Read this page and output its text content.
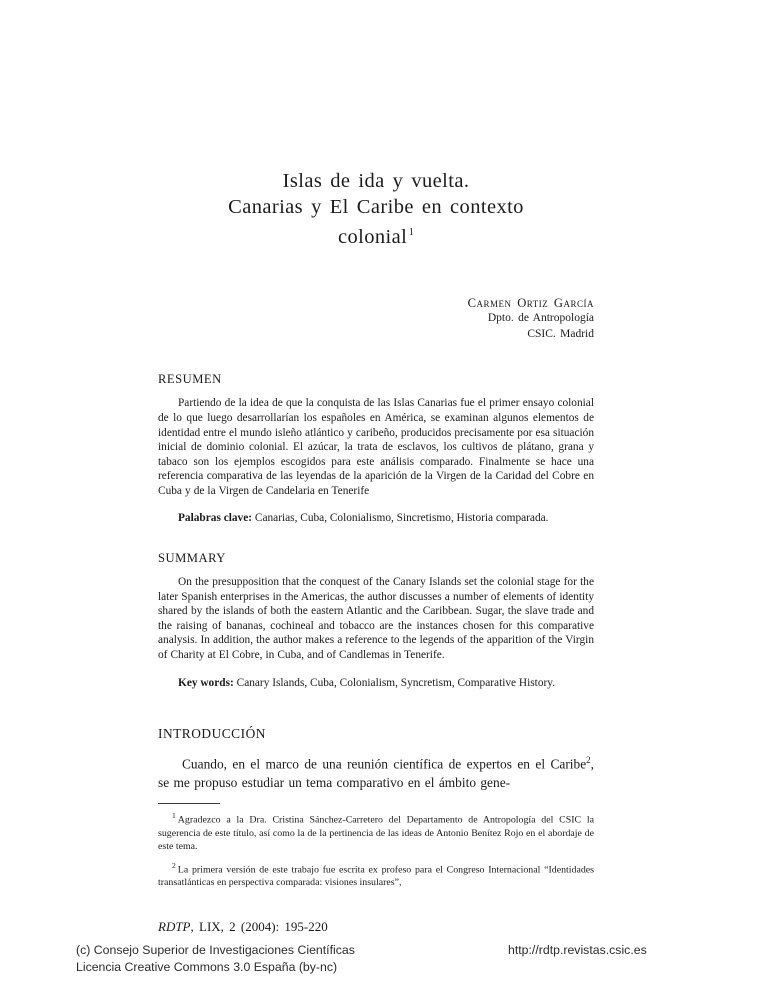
Islas de ida y vuelta.
Canarias y El Caribe en contexto
colonial $^1$
Carmen Ortiz García
Dpto. de Antropología
CSIC. Madrid
RESUMEN

Partiendo de la idea de que la conquista de las Islas Canarias fue el primer ensayo colonial de lo que luego desarrollarían los españoles en América, se examinan algunos elementos de identidad entre el mundo isleño atlántico y caribeño, producidos precisamente por esa situación inicial de dominio colonial. El azúcar, la trata de esclavos, los cultivos de plátano, grana y tabaco son los ejemplos escogidos para este análisis comparado. Finalmente se hace una referencia comparativa de las leyendas de la aparición de la Virgen de la Caridad del Cobre en Cuba y de la Virgen de Candelaria en Tenerife

Palabras clave: Canarias, Cuba, Colonialismo, Sincretismo, Historia comparada.

SUMMARY

On the presupposition that the conquest of the Canary Islands set the colonial stage for the later Spanish enterprises in the Americas, the author discusses a number of elements of identity shared by the islands of both the eastern Atlantic and the Caribbean. Sugar, the slave trade and the raising of bananas, cochineal and tobacco are the instances chosen for this comparative analysis. In addition, the author makes a reference to the legends of the apparition of the Virgin of Charity at El Cobre, in Cuba, and of Candlemas in Tenerife.

Key words: Canary Islands, Cuba, Colonialism, Syncretism, Comparative History.

INTRODUCCIÓN

Cuando, en el marco de una reunión científica de expertos en el Caribe$^2$, se me propuso estudiar un tema comparativo en el ámbito gene-

$^1$ Agradezco a la Dra. Cristina Sánchez-Carretero del Departamento de Antropología del CSIC la sugerencia de este título, así como la de la pertinencia de las ideas de Antonio Benítez Rojo en el abordaje de este tema.

$^2$ La primera versión de este trabajo fue escrita ex profeso para el Congreso Internacional “Identidades transatlánticas en perspectiva comparada: visiones insulares”,

RDTP, LIX, 2 (2004): 195-220

(c) Consejo Superior de Investigaciones Científicas
Licencia Creative Commons 3.0 España (by-nc)
http://rdtp.revistas.csic.es
